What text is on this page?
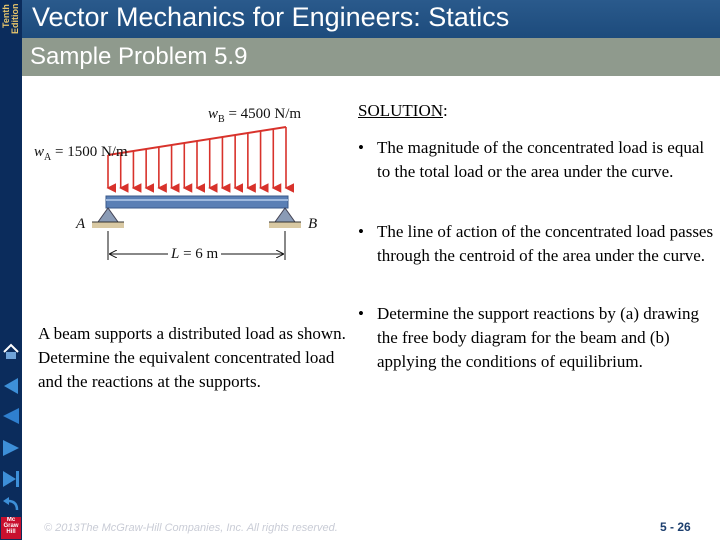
Tenth Edition
Mc Graw Hill
Vector Mechanics for Engineers: Statics
Sample Problem 5.9
$w_B = 4500$ N/m
$w_A = 1500$ N/m
A	B
L = 6 m
A beam supports a distributed load as shown. Determine the equivalent concentrated load and the reactions at the supports.
SOLUTION:
• The magnitude of the concentrated load is equal to the total load or the area under the curve.
• The line of action of the concentrated load passes through the centroid of the area under the curve.
• Determine the support reactions by (a) drawing the free body diagram for the beam and (b) applying the conditions of equilibrium.
© 2013The McGraw-Hill Companies, Inc. All rights reserved.	5 - 26
